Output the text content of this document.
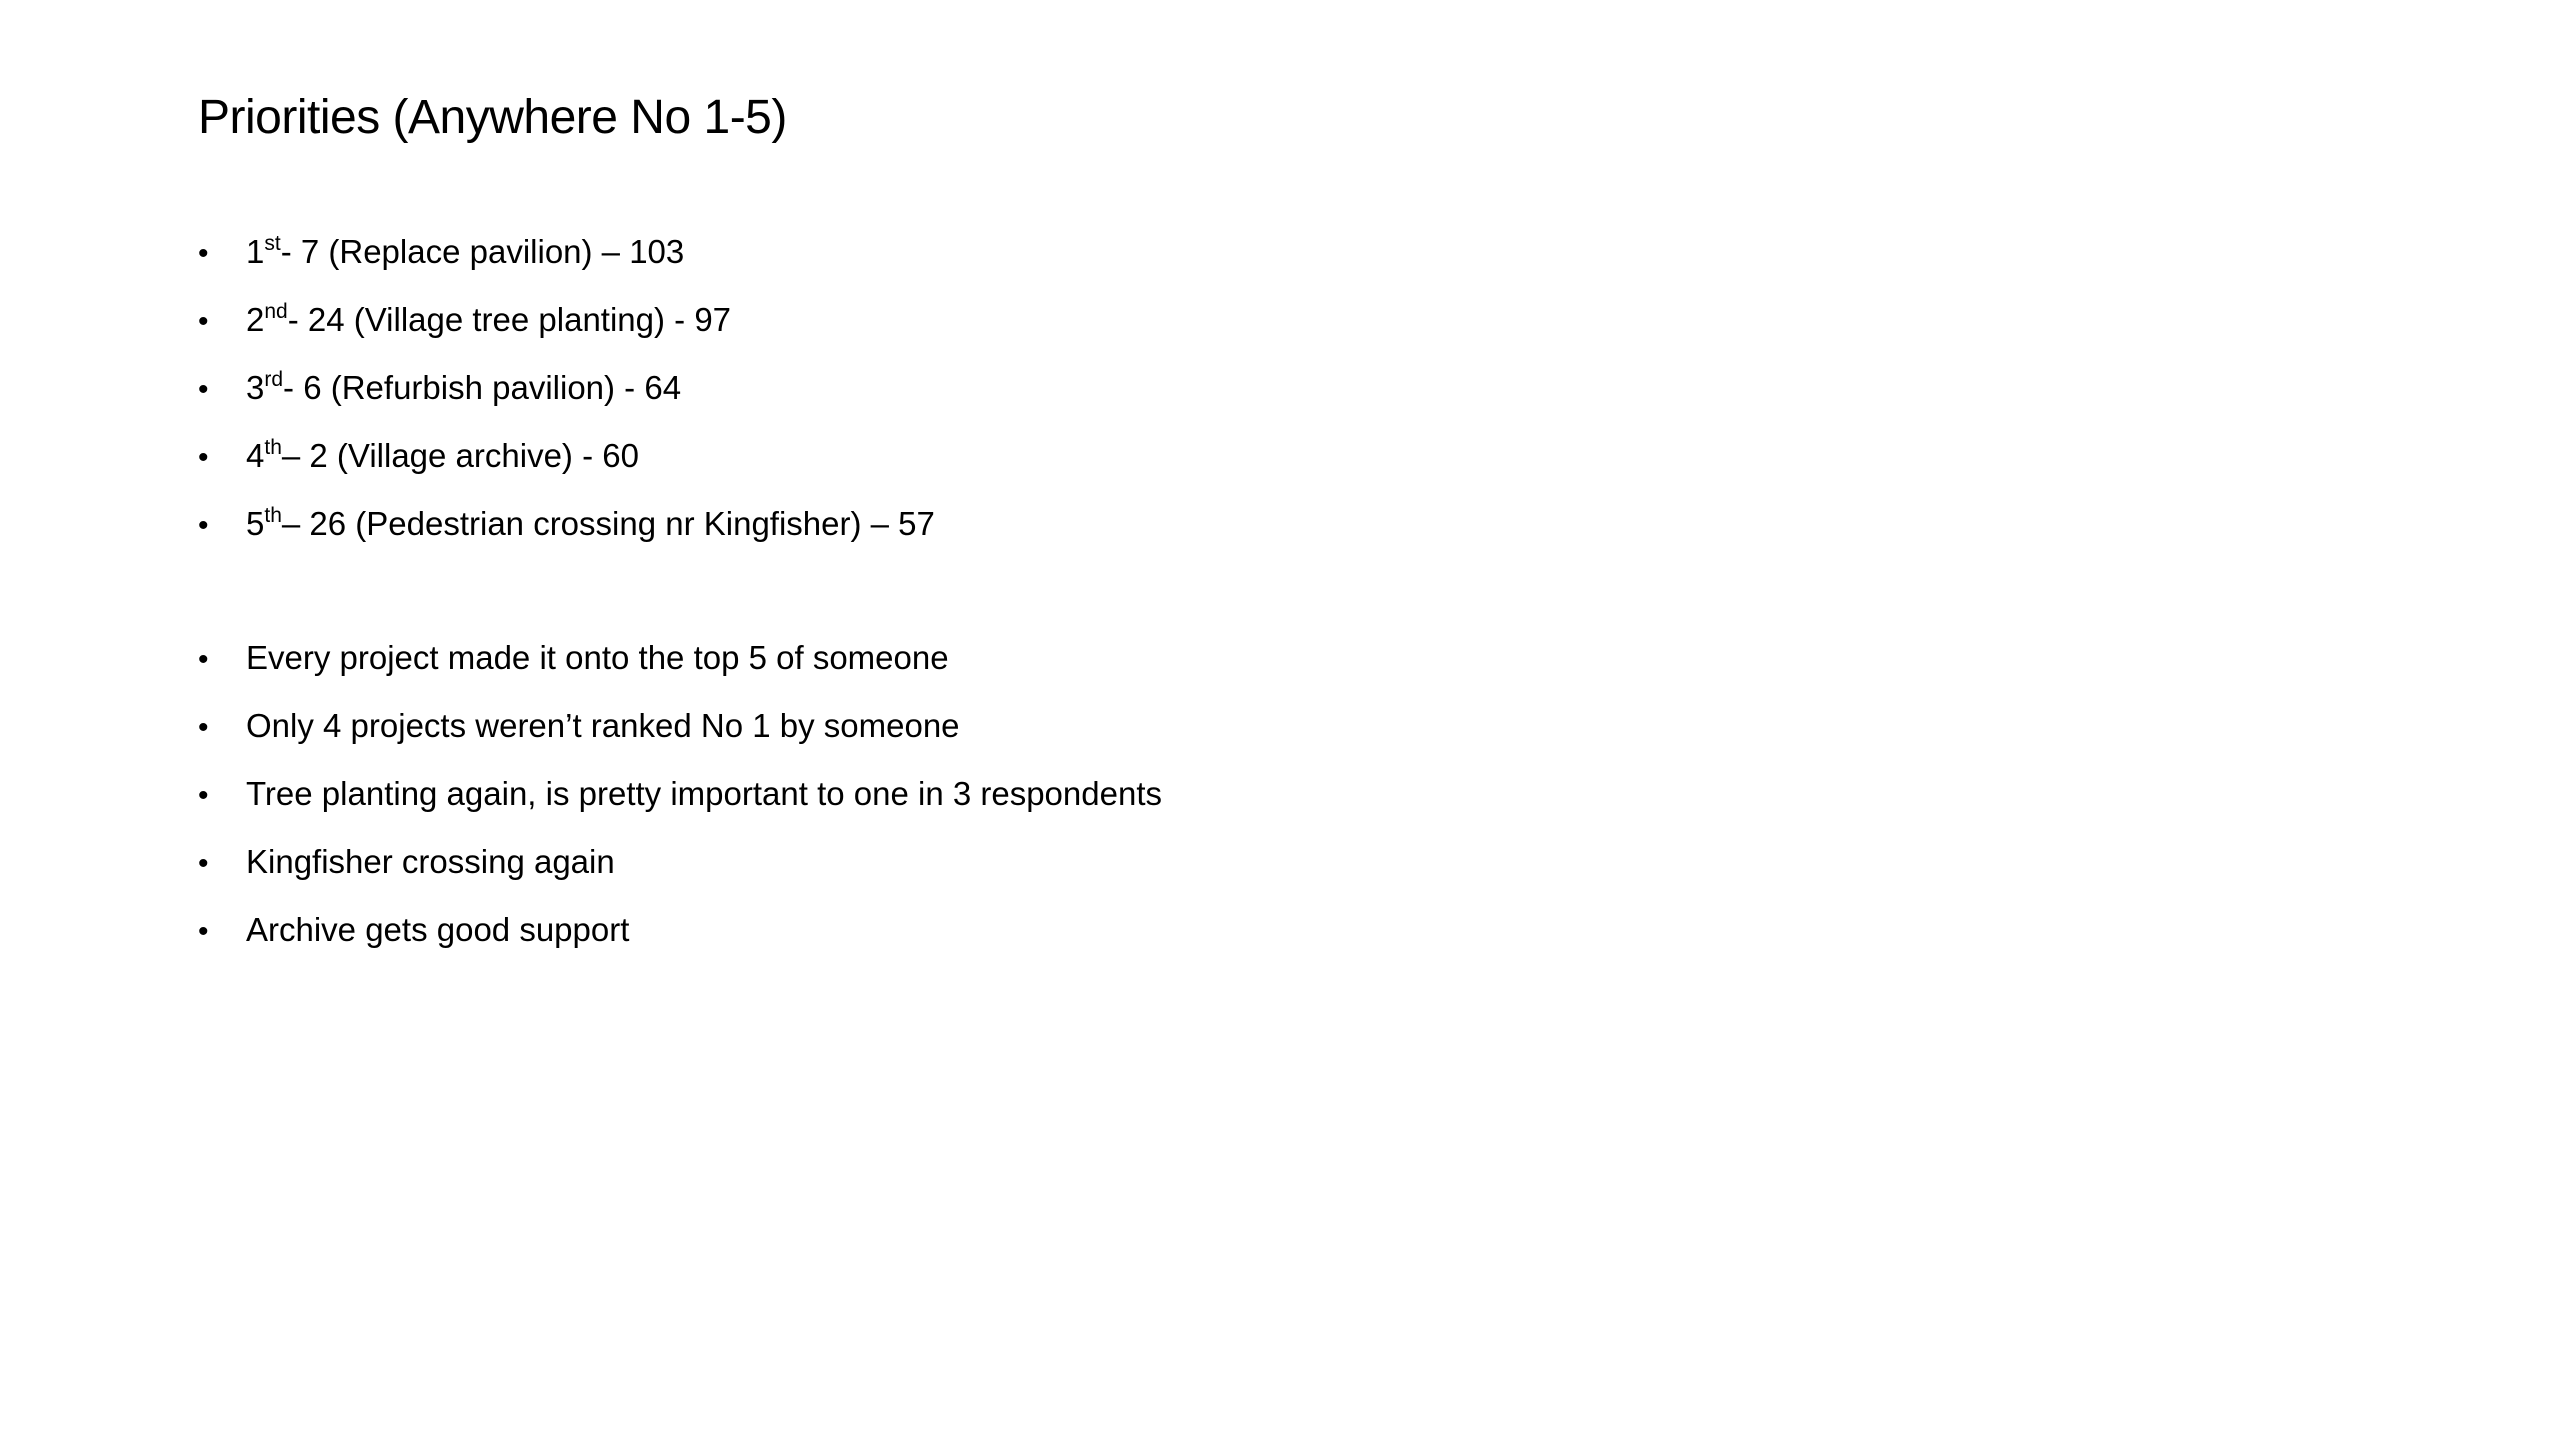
Priorities (Anywhere No 1-5)
•	1st - 7 (Replace pavilion) – 103
•	2nd - 24 (Village tree planting) - 97
•	3rd - 6 (Refurbish pavilion) - 64
•	4th – 2 (Village archive) - 60
•	5th – 26 (Pedestrian crossing nr Kingfisher) – 57
•	Every project made it onto the top 5 of someone
•	Only 4 projects weren’t ranked No 1 by someone
•	Tree planting again, is pretty important to one in 3 respondents
•	Kingfisher crossing again
•	Archive gets good support
